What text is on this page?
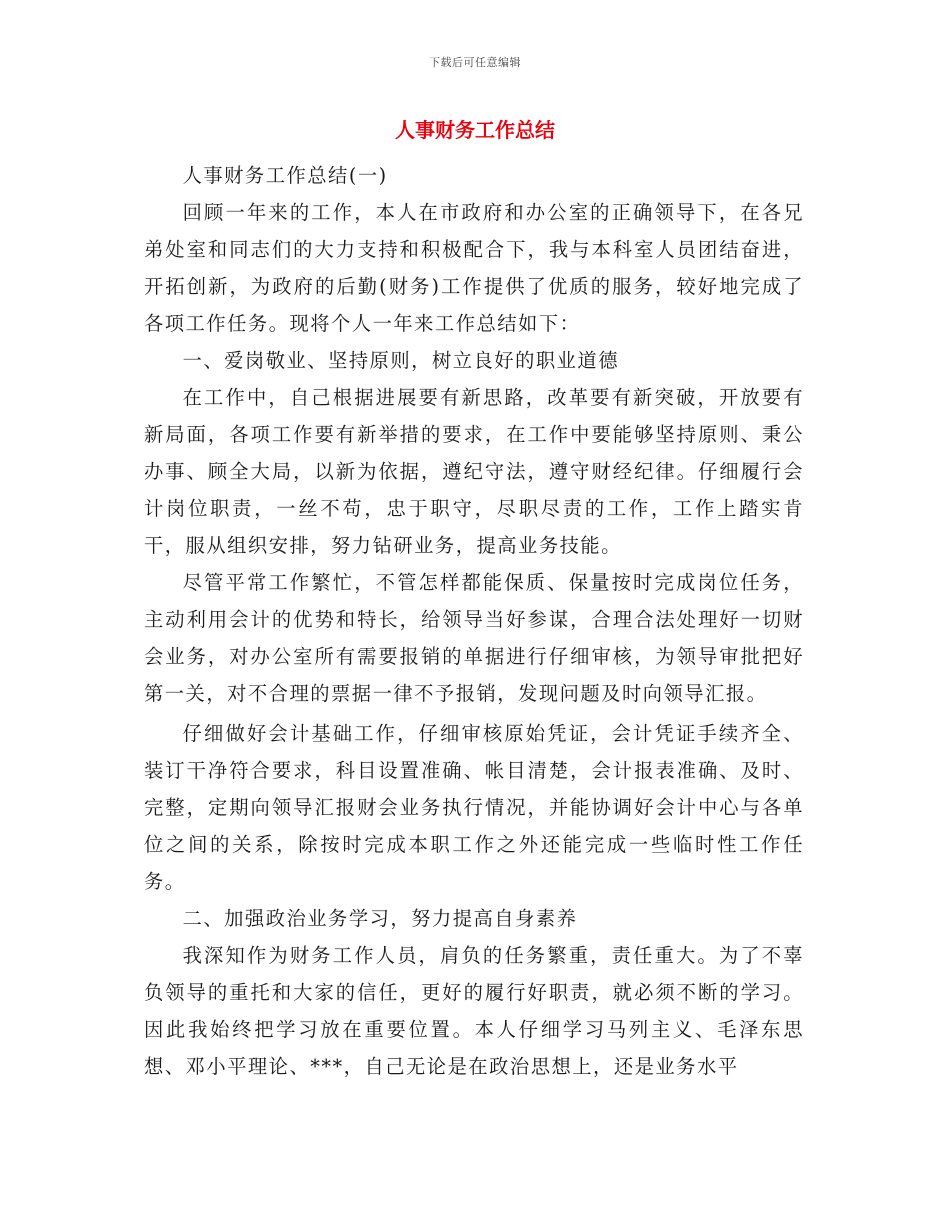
下载后可任意编辑
人事财务工作总结

人事财务工作总结(一)

回顾一年来的工作，本人在市政府和办公室的正确领导下，在各兄弟处室和同志们的大力支持和积极配合下，我与本科室人员团结奋进，开拓创新，为政府的后勤(财务)工作提供了优质的服务，较好地完成了各项工作任务。现将个人一年来工作总结如下：

一、爱岗敬业、坚持原则，树立良好的职业道德

在工作中，自己根据进展要有新思路，改革要有新突破，开放要有新局面，各项工作要有新举措的要求，在工作中要能够坚持原则、秉公办事、顾全大局，以新为依据，遵纪守法，遵守财经纪律。仔细履行会计岗位职责，一丝不苟，忠于职守，尽职尽责的工作，工作上踏实肯干，服从组织安排，努力钻研业务，提高业务技能。

尽管平常工作繁忙，不管怎样都能保质、保量按时完成岗位任务，主动利用会计的优势和特长，给领导当好参谋，合理合法处理好一切财会业务，对办公室所有需要报销的单据进行仔细审核，为领导审批把好第一关，对不合理的票据一律不予报销，发现问题及时向领导汇报。

仔细做好会计基础工作，仔细审核原始凭证，会计凭证手续齐全、装订干净符合要求，科目设置准确、帐目清楚，会计报表准确、及时、完整，定期向领导汇报财会业务执行情况，并能协调好会计中心与各单位之间的关系，除按时完成本职工作之外还能完成一些临时性工作任务。

二、加强政治业务学习，努力提高自身素养

我深知作为财务工作人员，肩负的任务繁重，责任重大。为了不辜负领导的重托和大家的信任，更好的履行好职责，就必须不断的学习。因此我始终把学习放在重要位置。本人仔细学习马列主义、毛泽东思想、邓小平理论、***，自己无论是在政治思想上，还是业务水平
